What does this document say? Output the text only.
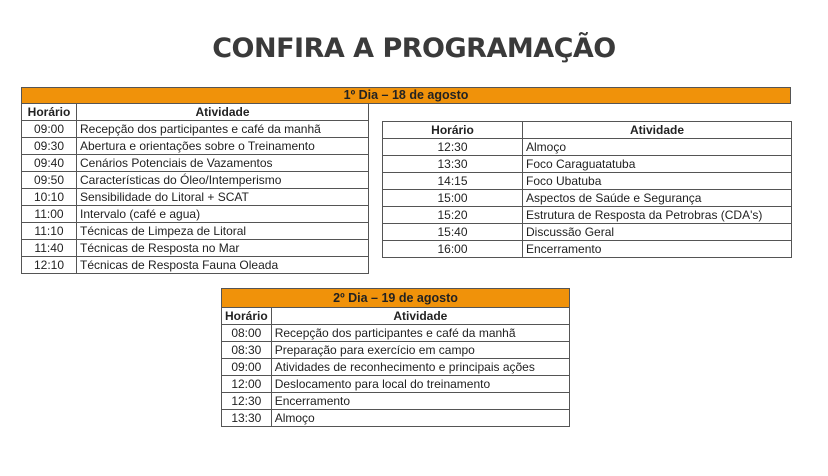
CONFIRA A PROGRAMAÇÃO
1º Dia – 18 de agosto
Horário	Atividade
09:00	Recepção dos participantes e café da manhã
09:30	Abertura e orientações sobre o Treinamento
09:40	Cenários Potenciais de Vazamentos
09:50	Características do Óleo/Intemperismo
10:10	Sensibilidade do Litoral + SCAT
11:00	Intervalo (café e agua)
11:10	Técnicas de Limpeza de Litoral
11:40	Técnicas de Resposta no Mar
12:10	Técnicas de Resposta Fauna Oleada
Horário	Atividade
12:30	Almoço
13:30	Foco Caraguatatuba
14:15	Foco Ubatuba
15:00	Aspectos de Saúde e Segurança
15:20	Estrutura de Resposta da Petrobras (CDA's)
15:40	Discussão Geral
16:00	Encerramento
2º Dia – 19 de agosto
Horário	Atividade
08:00	Recepção dos participantes e café da manhã
08:30	Preparação para exercício em campo
09:00	Atividades de reconhecimento e principais ações
12:00	Deslocamento para local do treinamento
12:30	Encerramento
13:30	Almoço
